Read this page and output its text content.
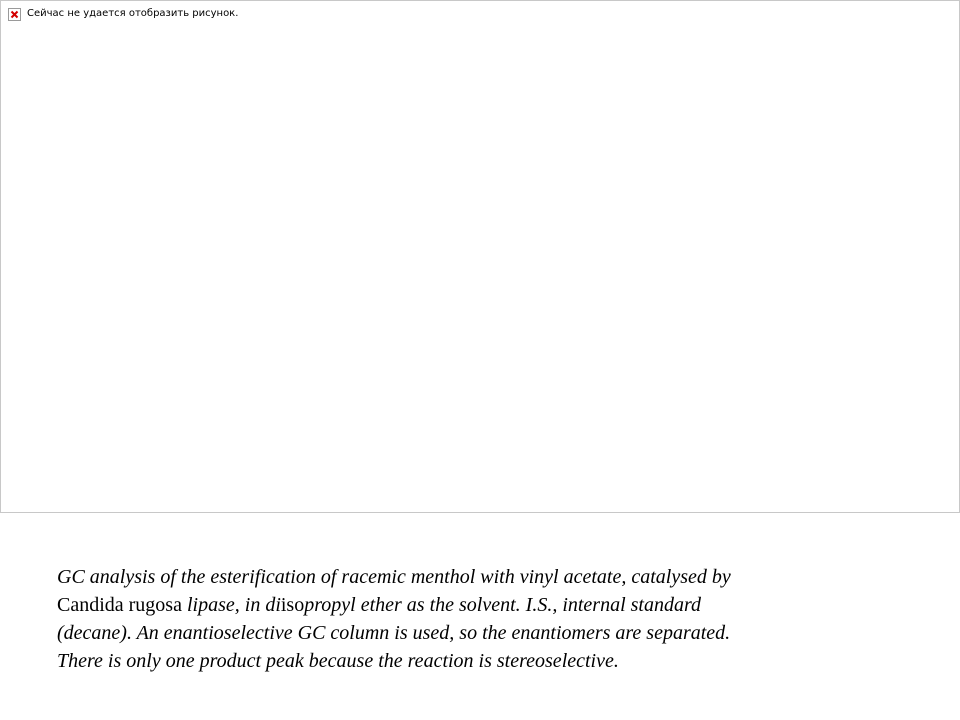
Сейчас не удается отобразить рисунок.
GC analysis of the esterification of racemic menthol with vinyl acetate, catalysed by
Candida rugosa lipase, in diisopropyl ether as the solvent. I.S., internal standard
(decane). An enantioselective GC column is used, so the enantiomers are separated.
There is only one product peak because the reaction is stereoselective.
